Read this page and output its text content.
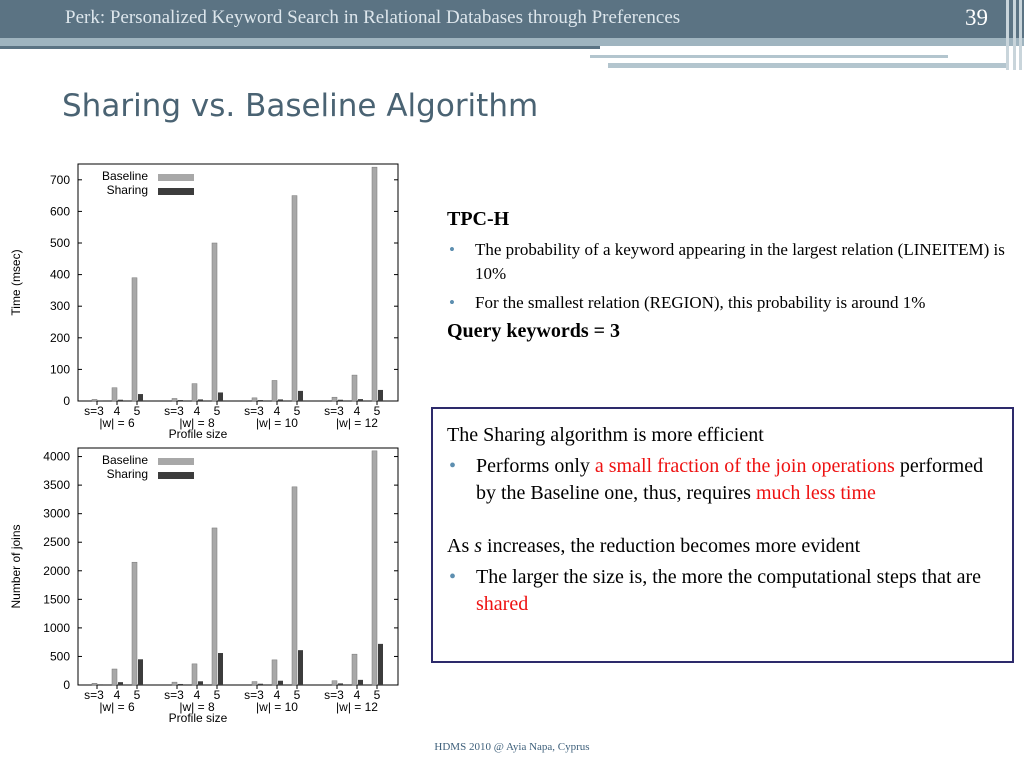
Perk: Personalized Keyword Search in Relational Databases through Preferences	39
Sharing vs. Baseline Algorithm
0
100
200
300
400
500
600
700
Time (msec)
s=3 4 5
|w| = 6
s=3 4 5
|w| = 8
s=3 4 5
|w| = 10
s=3 4 5
|w| = 12
Profile size
Baseline
Sharing
0
500
1000
1500
2000
2500
3000
3500
4000
Number of joins
s=3 4 5
|w| = 6
s=3 4 5
|w| = 8
s=3 4 5
|w| = 10
s=3 4 5
|w| = 12
Profile size
Baseline
Sharing
TPC-H
• The probability of a keyword appearing in the largest relation (LINEITEM) is 10%
• For the smallest relation (REGION), this probability is around 1%
Query keywords = 3

The Sharing algorithm is more efficient

• Performs only a small fraction of the join operations performed by the Baseline one, thus, requires much less time

As s increases, the reduction becomes more evident

• The larger the size is, the more the computational steps that are shared
HDMS 2010 @ Ayia Napa, Cyprus
